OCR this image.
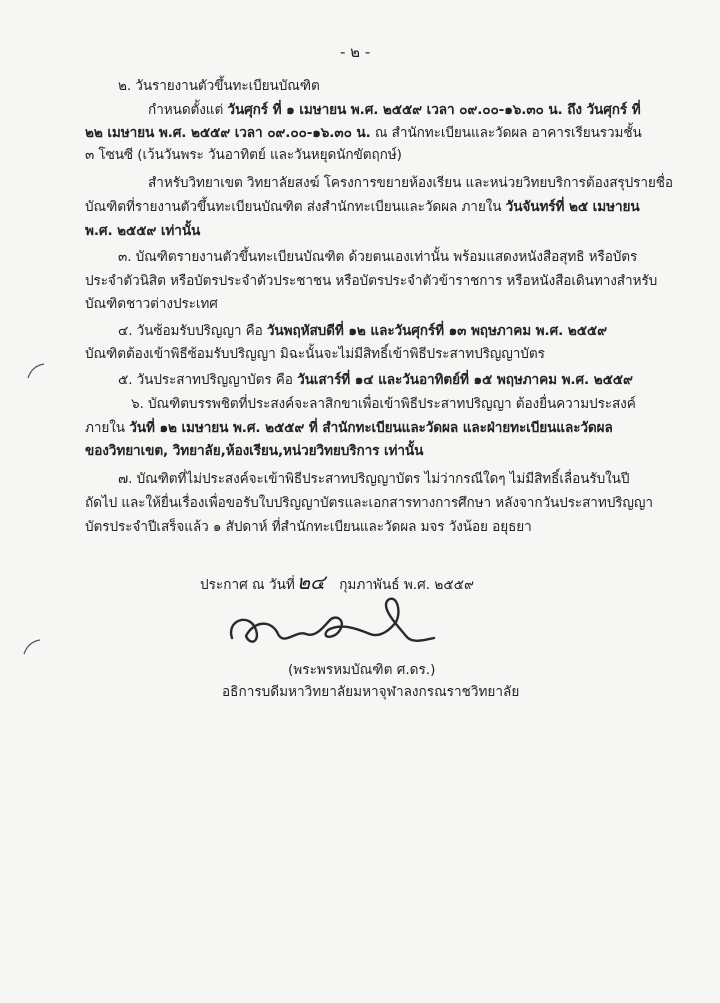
- ๒ -
๒. วันรายงานตัวขึ้นทะเบียนบัณฑิต
กำหนดตั้งแต่ วันศุกร์ ที่ ๑ เมษายน พ.ศ. ๒๕๕๙ เวลา ๐๙.๐๐-๑๖.๓๐ น. ถึง วันศุกร์ ที่
๒๒ เมษายน พ.ศ. ๒๕๕๙ เวลา ๐๙.๐๐-๑๖.๓๐ น. ณ สำนักทะเบียนและวัดผล อาคารเรียนรวมชั้น
๓ โซนซี (เว้นวันพระ วันอาทิตย์ และวันหยุดนักขัตฤกษ์)
สำหรับวิทยาเขต วิทยาลัยสงฆ์ โครงการขยายห้องเรียน และหน่วยวิทยบริการต้องสรุปรายชื่อ
บัณฑิตที่รายงานตัวขึ้นทะเบียนบัณฑิต ส่งสำนักทะเบียนและวัดผล ภายใน วันจันทร์ที่ ๒๕ เมษายน
พ.ศ. ๒๕๕๙ เท่านั้น
๓. บัณฑิตรายงานตัวขึ้นทะเบียนบัณฑิต ด้วยตนเองเท่านั้น พร้อมแสดงหนังสือสุทธิ หรือบัตร
ประจำตัวนิสิต หรือบัตรประจำตัวประชาชน หรือบัตรประจำตัวข้าราชการ หรือหนังสือเดินทางสำหรับ
บัณฑิตชาวต่างประเทศ
๔. วันซ้อมรับปริญญา คือ วันพฤหัสบดีที่ ๑๒ และวันศุกร์ที่ ๑๓ พฤษภาคม พ.ศ. ๒๕๕๙
บัณฑิตต้องเข้าพิธีซ้อมรับปริญญา มิฉะนั้นจะไม่มีสิทธิ์เข้าพิธีประสาทปริญญาบัตร
๕. วันประสาทปริญญาบัตร คือ วันเสาร์ที่ ๑๔ และวันอาทิตย์ที่ ๑๕ พฤษภาคม พ.ศ. ๒๕๕๙
๖. บัณฑิตบรรพชิตที่ประสงค์จะลาสิกขาเพื่อเข้าพิธีประสาทปริญญา ต้องยื่นความประสงค์
ภายใน วันที่ ๑๒ เมษายน พ.ศ. ๒๕๕๙ ที่ สำนักทะเบียนและวัดผล และฝ่ายทะเบียนและวัดผล
ของวิทยาเขต, วิทยาลัย,ห้องเรียน,หน่วยวิทยบริการ เท่านั้น
๗. บัณฑิตที่ไม่ประสงค์จะเข้าพิธีประสาทปริญญาบัตร ไม่ว่ากรณีใดๆ ไม่มีสิทธิ์เลื่อนรับในปี
ถัดไป และให้ยื่นเรื่องเพื่อขอรับใบปริญญาบัตรและเอกสารทางการศึกษา หลังจากวันประสาทปริญญา
บัตรประจำปีเสร็จแล้ว ๑ สัปดาห์ ที่สำนักทะเบียนและวัดผล มจร วังน้อย อยุธยา
ประกาศ ณ วันที่ ๒๔ กุมภาพันธ์ พ.ศ. ๒๕๕๙
(พระพรหมบัณฑิต ศ.ดร.)
อธิการบดีมหาวิทยาลัยมหาจุฬาลงกรณราชวิทยาลัย
